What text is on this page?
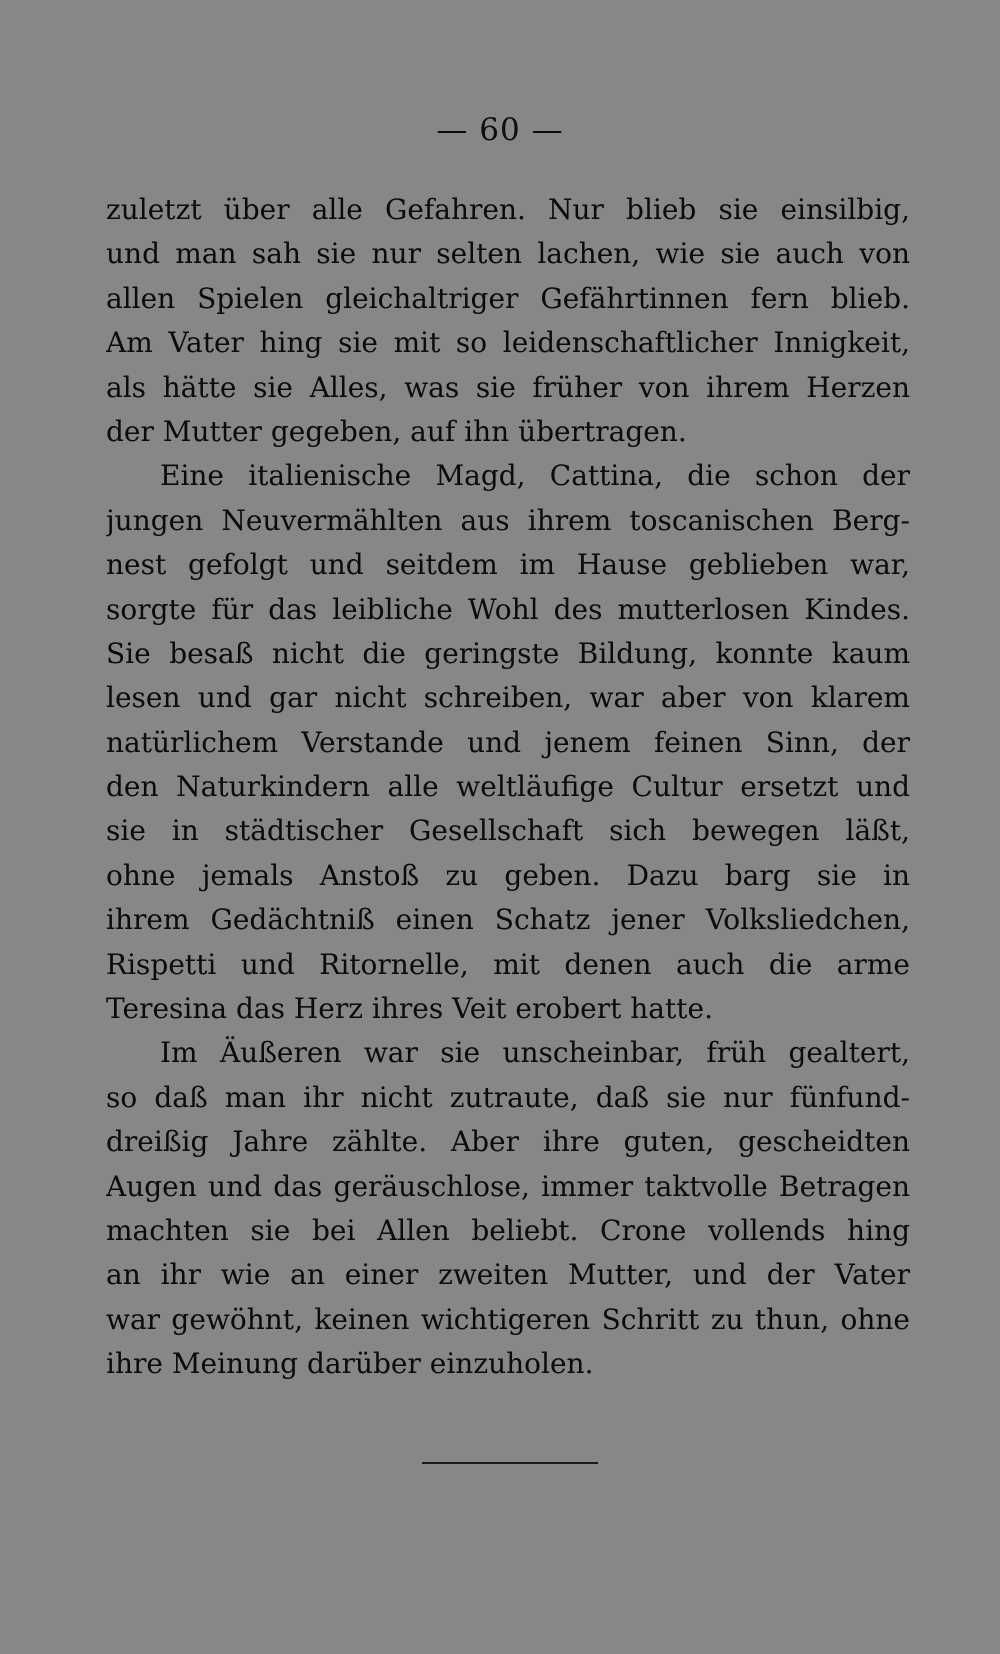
— 60 —
zuletzt über alle Gefahren. Nur blieb sie einsilbig,
und man sah sie nur selten lachen, wie sie auch von
allen Spielen gleichaltriger Gefährtinnen fern blieb.
Am Vater hing sie mit so leidenschaftlicher Innigkeit,
als hätte sie Alles, was sie früher von ihrem Herzen
der Mutter gegeben, auf ihn übertragen.
Eine italienische Magd, Cattina, die schon der
jungen Neuvermählten aus ihrem toscanischen Berg-
nest gefolgt und seitdem im Hause geblieben war,
sorgte für das leibliche Wohl des mutterlosen Kindes.
Sie besaß nicht die geringste Bildung, konnte kaum
lesen und gar nicht schreiben, war aber von klarem
natürlichem Verstande und jenem feinen Sinn, der
den Naturkindern alle weltläufige Cultur ersetzt und
sie in städtischer Gesellschaft sich bewegen läßt,
ohne jemals Anstoß zu geben. Dazu barg sie in
ihrem Gedächtniß einen Schatz jener Volksliedchen,
Rispetti und Ritornelle, mit denen auch die arme
Teresina das Herz ihres Veit erobert hatte.
Im Äußeren war sie unscheinbar, früh gealtert,
so daß man ihr nicht zutraute, daß sie nur fünfund-
dreißig Jahre zählte. Aber ihre guten, gescheidten
Augen und das geräuschlose, immer taktvolle Betragen
machten sie bei Allen beliebt. Crone vollends hing
an ihr wie an einer zweiten Mutter, und der Vater
war gewöhnt, keinen wichtigeren Schritt zu thun, ohne
ihre Meinung darüber einzuholen.
